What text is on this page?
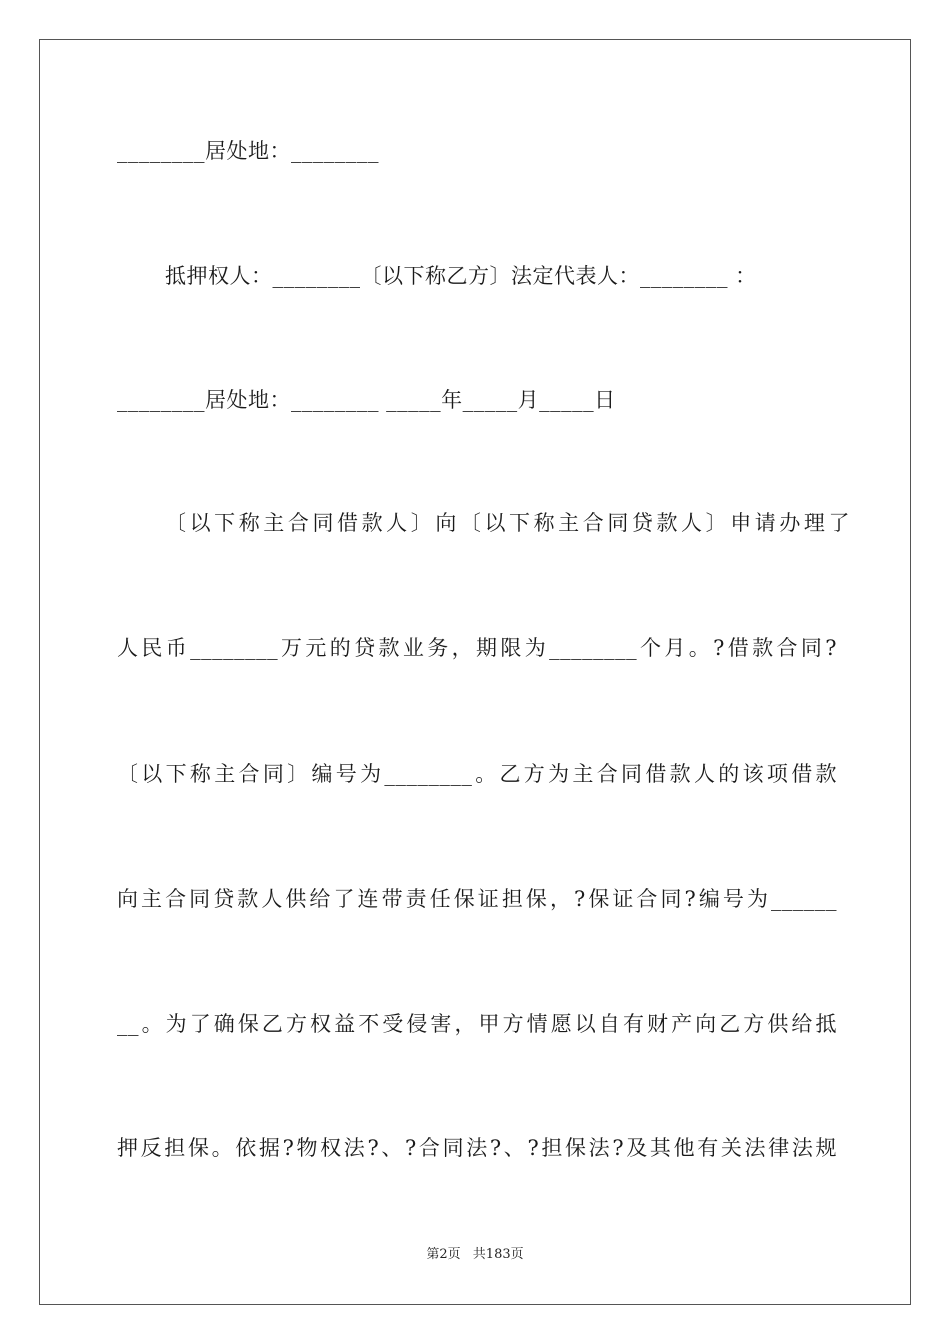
________居处地：________
抵押权人：________〔以下称乙方〕法定代表人：________ ：
________居处地：________ _____年_____月_____日
〔以下称主合同借款人〕向〔以下称主合同贷款人〕申请办理了
人民币________万元的贷款业务，期限为________个月。?借款合同?
〔以下称主合同〕编号为________。乙方为主合同借款人的该项借款
向主合同贷款人供给了连带责任保证担保，?保证合同?编号为______
__。为了确保乙方权益不受侵害，甲方情愿以自有财产向乙方供给抵
押反担保。依据?物权法?、?合同法?、?担保法?及其他有关法律法规
第2页 共183页
